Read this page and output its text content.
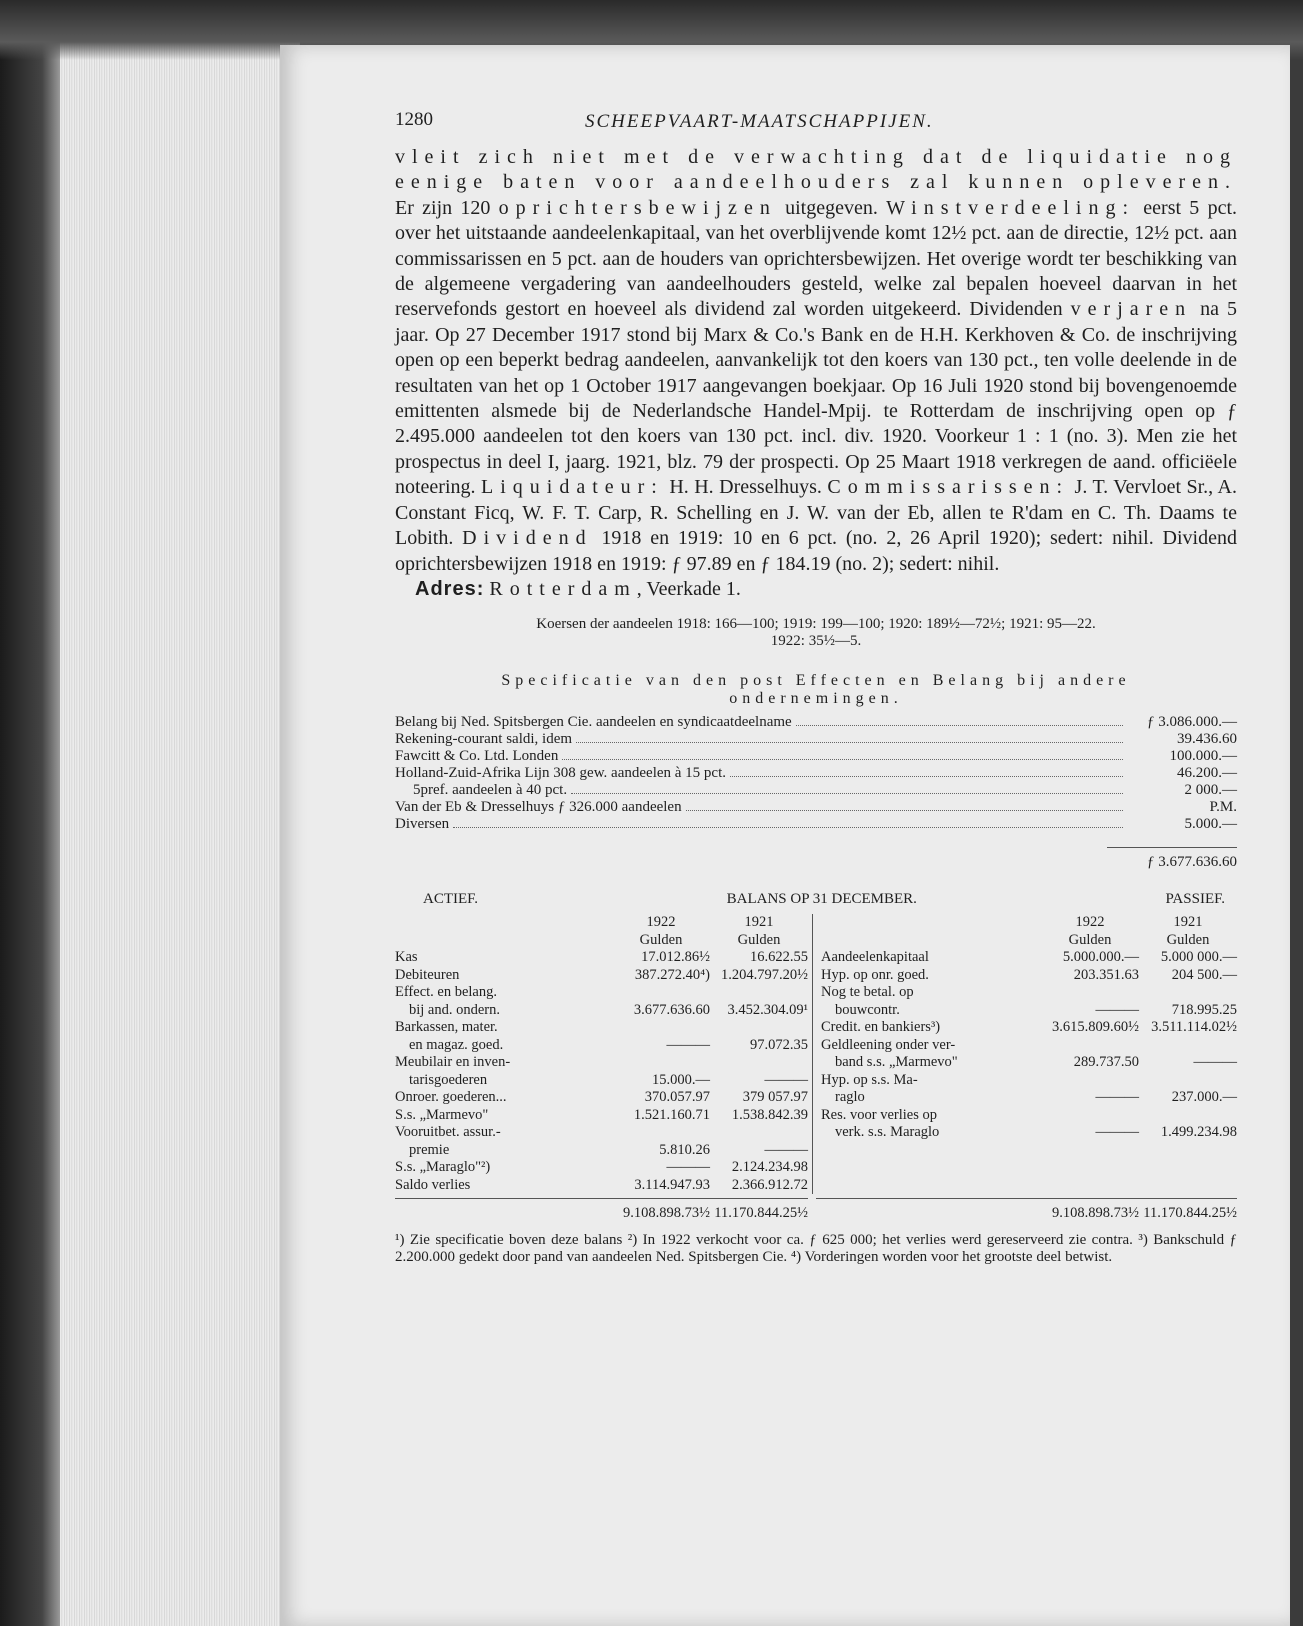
1280	SCHEEPVAART-MAATSCHAPPIJEN.
vleit zich niet met de verwachting dat de liquidatie nog eenige baten voor aandeelhouders zal kunnen opleveren. Er zijn 120 oprichtersbewijzen uitgegeven. Winstverdeeling: eerst 5 pct. over het uitstaande aandeelenkapitaal, van het overblijvende komt 12½ pct. aan de directie, 12½ pct. aan commissarissen en 5 pct. aan de houders van oprichtersbewijzen. Het overige wordt ter beschikking van de algemeene vergadering van aandeelhouders gesteld, welke zal bepalen hoeveel daarvan in het reservefonds gestort en hoeveel als dividend zal worden uitgekeerd. Dividenden verjaren na 5 jaar. Op 27 December 1917 stond bij Marx & Co.'s Bank en de H.H. Kerkhoven & Co. de inschrijving open op een beperkt bedrag aandeelen, aanvankelijk tot den koers van 130 pct., ten volle deelende in de resultaten van het op 1 October 1917 aangevangen boekjaar. Op 16 Juli 1920 stond bij bovengenoemde emittenten alsmede bij de Nederlandsche Handel-Mpij. te Rotterdam de inschrijving open op ƒ 2.495.000 aandeelen tot den koers van 130 pct. incl. div. 1920. Voorkeur 1 : 1 (no. 3). Men zie het prospectus in deel I, jaarg. 1921, blz. 79 der prospecti. Op 25 Maart 1918 verkregen de aand. officiëele noteering. Liquidateur: H. H. Dresselhuys. Commissarissen: J. T. Vervloet Sr., A. Constant Ficq, W. F. T. Carp, R. Schelling en J. W. van der Eb, allen te R'dam en C. Th. Daams te Lobith. Dividend 1918 en 1919: 10 en 6 pct. (no. 2, 26 April 1920); sedert: nihil. Dividend oprichtersbewijzen 1918 en 1919: ƒ 97.89 en ƒ 184.19 (no. 2); sedert: nihil.
Adres: Rotterdam, Veerkade 1.
Koersen der aandeelen 1918: 166—100; 1919: 199—100; 1920: 189½—72½; 1921: 95—22.
1922: 35½—5.
Specificatie van den post Effecten en Belang bij andere
ondernemingen.
Belang bij Ned. Spitsbergen Cie. aandeelen en syndicaatdeelname	ƒ 3.086.000.—
Rekening-courant saldi, idem	39.436.60
Fawcitt & Co. Ltd. Londen	100.000.—
Holland-Zuid-Afrika Lijn 308 gew. aandeelen à 15 pct.	46.200.—
5pref. aandeelen à 40 pct.	2 000.—
Van der Eb & Dresselhuys ƒ 326.000 aandeelen	P.M.
Diversen	5.000.—
ƒ 3.677.636.60
ACTIEF.	BALANS OP 31 DECEMBER.	PASSIEF.
1922	1921
Gulden	Gulden
Kas	17.012.86½	16.622.55
Debiteuren	387.272.40⁴) 1.204.797.20½
Effect. en belang.
bij and. ondern.	3.677.636.60	3.452.304.09¹
Barkassen, mater.
en magaz. goed.	———	97.072.35
Meubilair en inven-
tarisgoederen	15.000.—	———
Onroer. goederen...	370.057.97	379 057.97
S.s. „Marmevo"	1.521.160.71	1.538.842.39
Vooruitbet. assur.-
premie	5.810.26	———
S.s. „Maraglo"²)	———	2.124.234.98
Saldo verlies	3.114.947.93	2.366.912.72
1922	1921
Gulden	Gulden
Aandeelenkapitaal	5.000.000.—	5.000 000.—
Hyp. op onr. goed.	203.351.63	204 500.—
Nog te betal. op
bouwcontr.	———	718.995.25
Credit. en bankiers³)	3.615.809.60½ 3.511.114.02½
Geldleening onder ver-
band s.s. „Marmevo"	289.737.50	———
Hyp. op s.s. Ma-
raglo	———	237.000.—
Res. voor verlies op
verk. s.s. Maraglo	———	1.499.234.98
9.108.898.73½ 11.170.844.25½	9.108.898.73½ 11.170.844.25½
¹) Zie specificatie boven deze balans ²) In 1922 verkocht voor ca. ƒ 625 000; het verlies werd gereserveerd zie contra. ³) Bankschuld ƒ 2.200.000 gedekt door pand van aandeelen Ned. Spitsbergen Cie. ⁴) Vorderingen worden voor het grootste deel betwist.
